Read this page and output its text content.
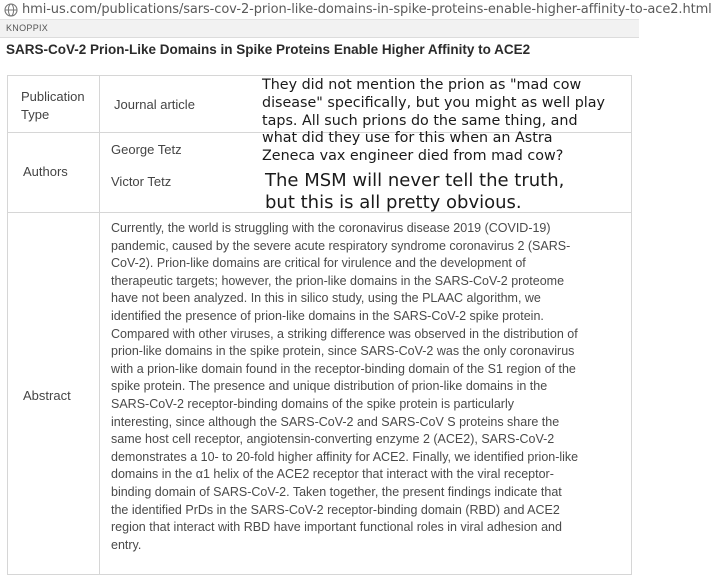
hmi-us.com/publications/sars-cov-2-prion-like-domains-in-spike-proteins-enable-higher-affinity-to-ace2.html
KNOPPIX
SARS-CoV-2 Prion-Like Domains in Spike Proteins Enable Higher Affinity to ACE2
Publication
Type
Journal article
Authors
George Tetz
Victor Tetz
Abstract
Currently, the world is struggling with the coronavirus disease 2019 (COVID-19)
pandemic, caused by the severe acute respiratory syndrome coronavirus 2 (SARS-
CoV-2). Prion-like domains are critical for virulence and the development of
therapeutic targets; however, the prion-like domains in the SARS-CoV-2 proteome
have not been analyzed. In this in silico study, using the PLAAC algorithm, we
identified the presence of prion-like domains in the SARS-CoV-2 spike protein.
Compared with other viruses, a striking difference was observed in the distribution of
prion-like domains in the spike protein, since SARS-CoV-2 was the only coronavirus
with a prion-like domain found in the receptor-binding domain of the S1 region of the
spike protein. The presence and unique distribution of prion-like domains in the
SARS-CoV-2 receptor-binding domains of the spike protein is particularly
interesting, since although the SARS-CoV-2 and SARS-CoV S proteins share the
same host cell receptor, angiotensin-converting enzyme 2 (ACE2), SARS-CoV-2
demonstrates a 10- to 20-fold higher affinity for ACE2. Finally, we identified prion-like
domains in the α1 helix of the ACE2 receptor that interact with the viral receptor-
binding domain of SARS-CoV-2. Taken together, the present findings indicate that
the identified PrDs in the SARS-CoV-2 receptor-binding domain (RBD) and ACE2
region that interact with RBD have important functional roles in viral adhesion and
entry.
They did not mention the prion as "mad cow
disease" specifically, but you might as well play
taps. All such prions do the same thing, and
what did they use for this when an Astra
Zeneca vax engineer died from mad cow?
The MSM will never tell the truth,
but this is all pretty obvious.
